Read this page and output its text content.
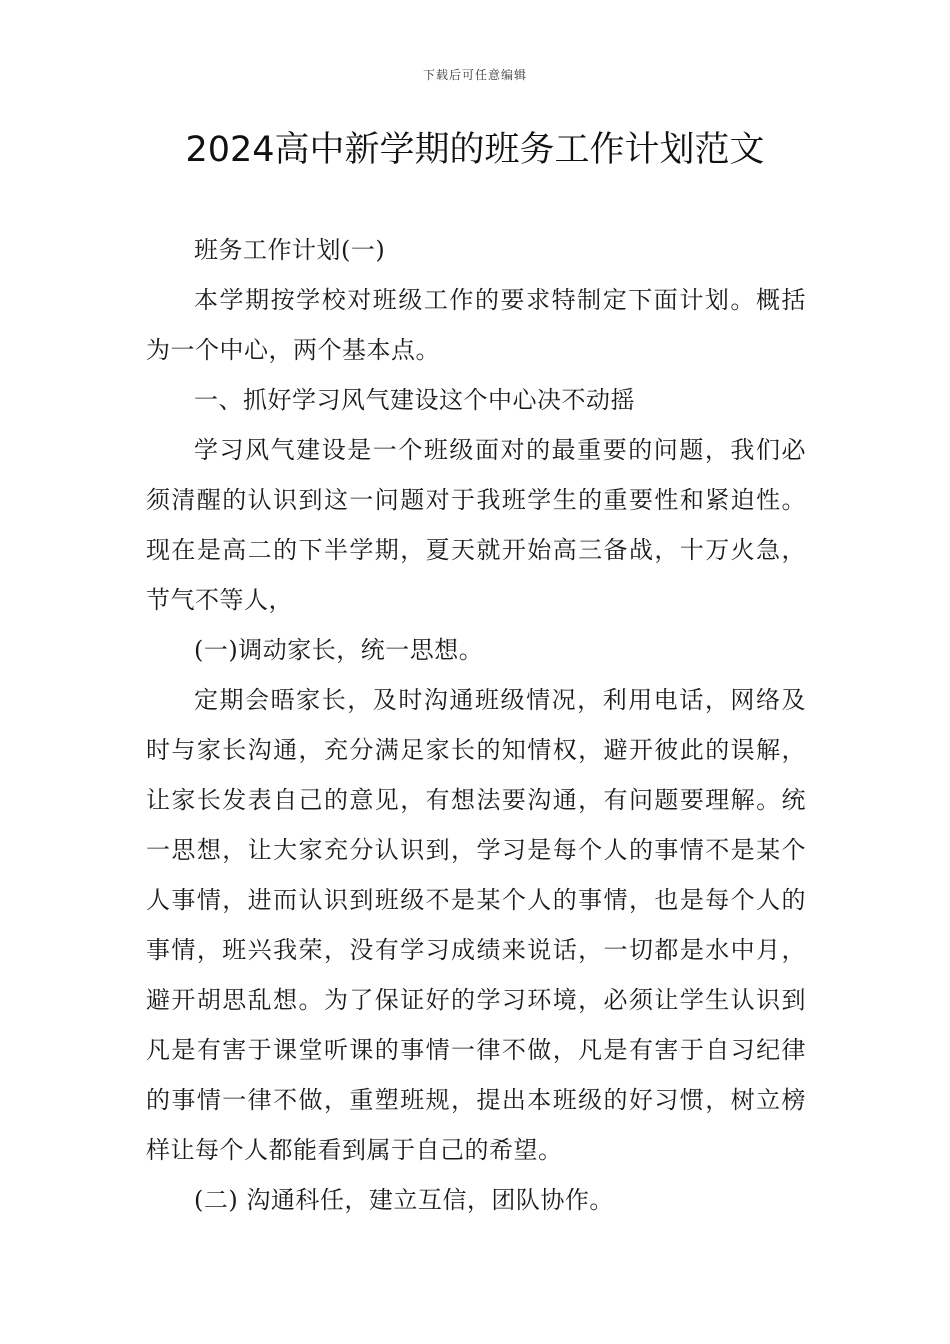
下载后可任意编辑
2024高中新学期的班务工作计划范文

班务工作计划(一)

本学期按学校对班级工作的要求特制定下面计划。概括为一个中心，两个基本点。

一、抓好学习风气建设这个中心决不动摇

学习风气建设是一个班级面对的最重要的问题，我们必须清醒的认识到这一问题对于我班学生的重要性和紧迫性。现在是高二的下半学期，夏天就开始高三备战，十万火急，节气不等人，

(一)调动家长，统一思想。

定期会晤家长，及时沟通班级情况，利用电话，网络及时与家长沟通，充分满足家长的知情权，避开彼此的误解，让家长发表自己的意见，有想法要沟通，有问题要理解。统一思想，让大家充分认识到，学习是每个人的事情不是某个人事情，进而认识到班级不是某个人的事情，也是每个人的事情，班兴我荣，没有学习成绩来说话，一切都是水中月，避开胡思乱想。为了保证好的学习环境，必须让学生认识到凡是有害于课堂听课的事情一律不做，凡是有害于自习纪律的事情一律不做，重塑班规，提出本班级的好习惯，树立榜样让每个人都能看到属于自己的希望。

(二) 沟通科任，建立互信，团队协作。
